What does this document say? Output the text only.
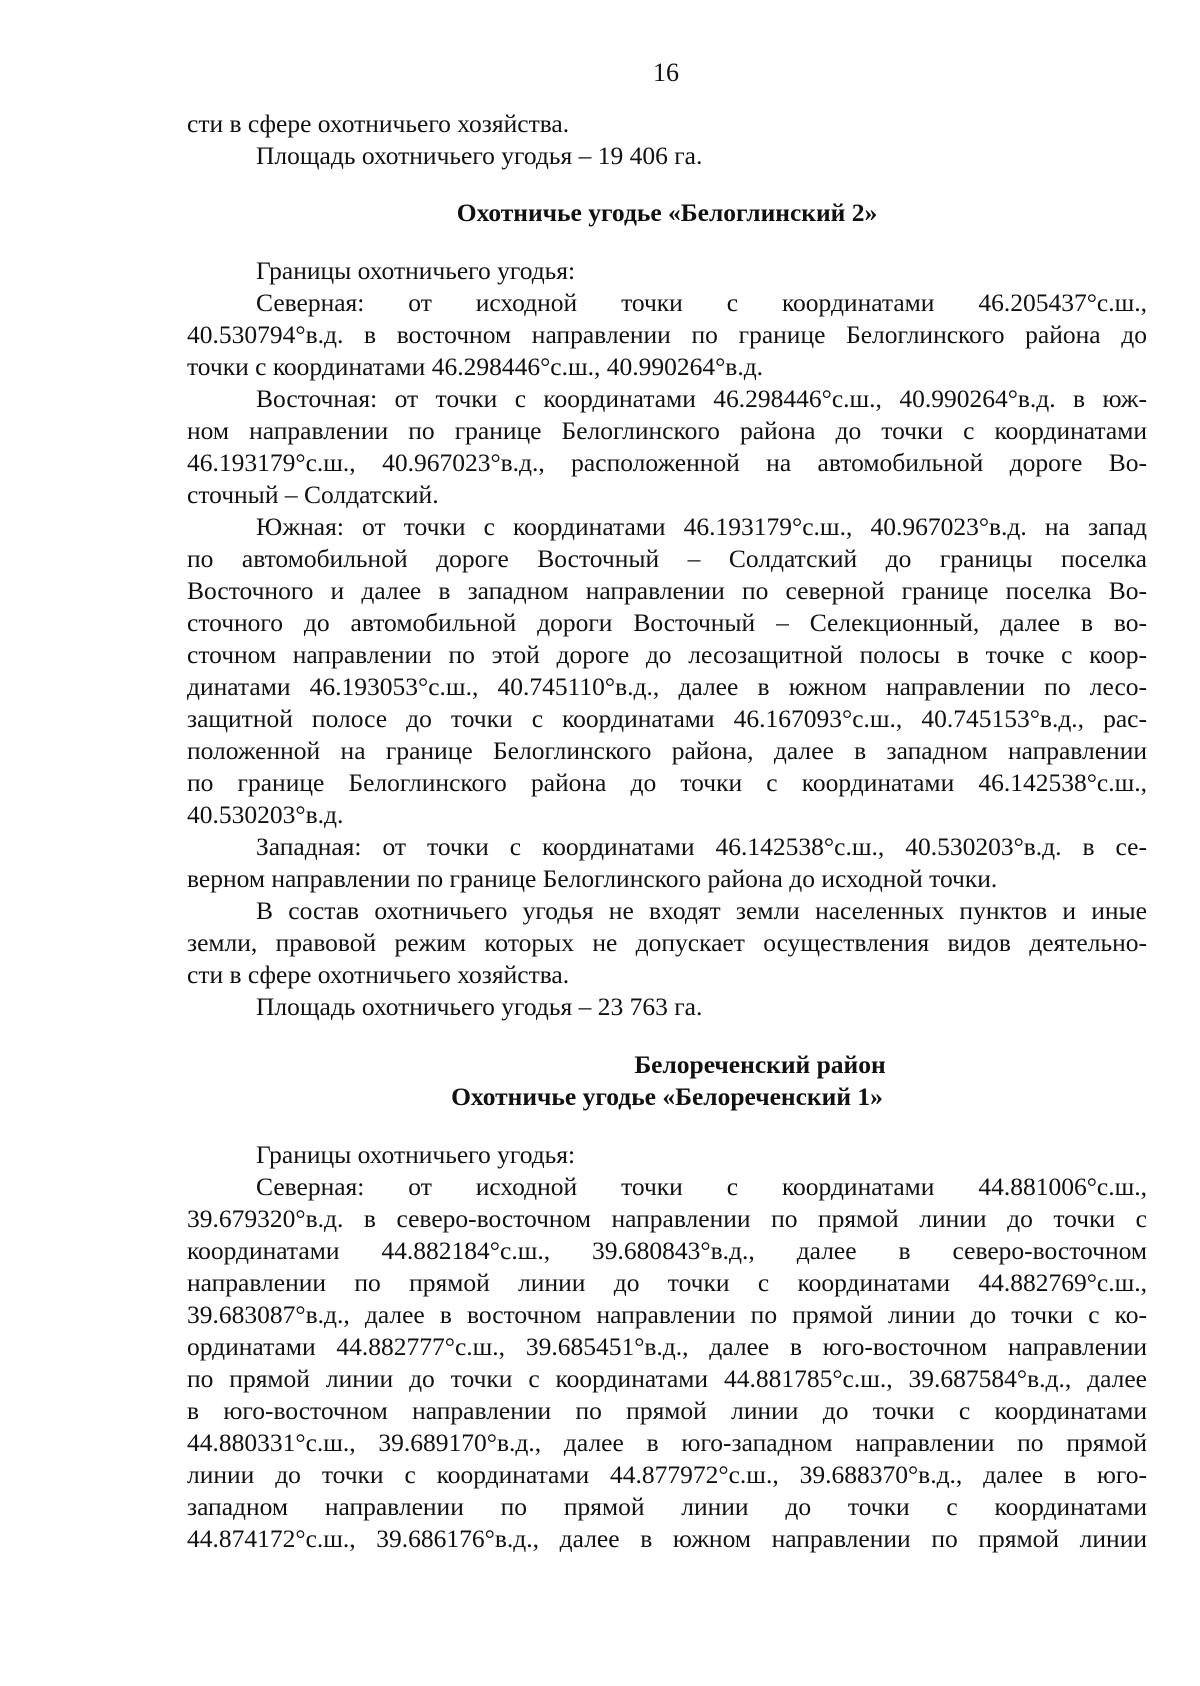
16
сти в сфере охотничьего хозяйства.
Площадь охотничьего угодья – 19 406 га.
Охотничье угодье «Белоглинский 2»
Границы охотничьего угодья:
Северная: от исходной точки с координатами 46.205437°с.ш.,
40.530794°в.д. в восточном направлении по границе Белоглинского района до
точки с координатами 46.298446°с.ш., 40.990264°в.д.
Восточная: от точки с координатами 46.298446°с.ш., 40.990264°в.д. в юж-
ном направлении по границе Белоглинского района до точки с координатами
46.193179°с.ш., 40.967023°в.д., расположенной на автомобильной дороге Во-
сточный – Солдатский.
Южная: от точки с координатами 46.193179°с.ш., 40.967023°в.д. на запад
по автомобильной дороге Восточный – Солдатский до границы поселка
Восточного и далее в западном направлении по северной границе поселка Во-
сточного до автомобильной дороги Восточный – Селекционный, далее в во-
сточном направлении по этой дороге до лесозащитной полосы в точке с коор-
динатами 46.193053°с.ш., 40.745110°в.д., далее в южном направлении по лесо-
защитной полосе до точки с координатами 46.167093°с.ш., 40.745153°в.д., рас-
положенной на границе Белоглинского района, далее в западном направлении
по границе Белоглинского района до точки с координатами 46.142538°с.ш.,
40.530203°в.д.
Западная: от точки с координатами 46.142538°с.ш., 40.530203°в.д. в се-
верном направлении по границе Белоглинского района до исходной точки.
В состав охотничьего угодья не входят земли населенных пунктов и иные
земли, правовой режим которых не допускает осуществления видов деятельно-
сти в сфере охотничьего хозяйства.
Площадь охотничьего угодья – 23 763 га.
Белореченский район
Охотничье угодье «Белореченский 1»
Границы охотничьего угодья:
Северная: от исходной точки с координатами 44.881006°с.ш.,
39.679320°в.д. в северо-восточном направлении по прямой линии до точки с
координатами 44.882184°с.ш., 39.680843°в.д., далее в северо-восточном
направлении по прямой линии до точки с координатами 44.882769°с.ш.,
39.683087°в.д., далее в восточном направлении по прямой линии до точки с ко-
ординатами 44.882777°с.ш., 39.685451°в.д., далее в юго-восточном направлении
по прямой линии до точки с координатами 44.881785°с.ш., 39.687584°в.д., далее
в юго-восточном направлении по прямой линии до точки с координатами
44.880331°с.ш., 39.689170°в.д., далее в юго-западном направлении по прямой
линии до точки с координатами 44.877972°с.ш., 39.688370°в.д., далее в юго-
западном направлении по прямой линии до точки с координатами
44.874172°с.ш., 39.686176°в.д., далее в южном направлении по прямой линии
